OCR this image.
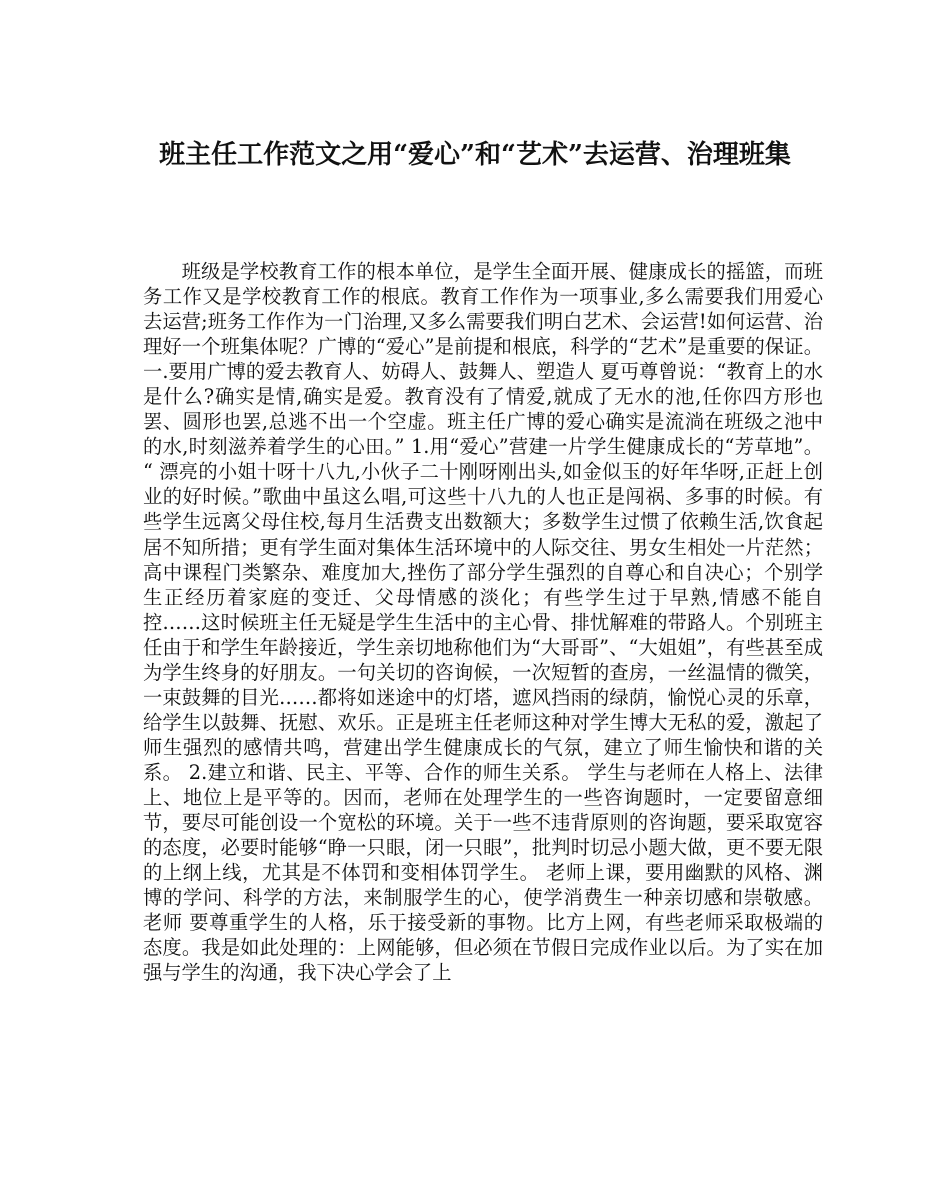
班主任工作范文之用“爱心”和“艺术”去运营、治理班集

班级是学校教育工作的根本单位，是学生全面开展、健康成长的摇篮，而班务工作又是学校教育工作的根底。教育工作作为一项事业,多么需要我们用爱心去运营;班务工作作为一门治理,又多么需要我们明白艺术、会运营!如何运营、治理好一个班集体呢？广博的“爱心”是前提和根底，科学的“艺术”是重要的保证。 一.要用广博的爱去教育人、妨碍人、鼓舞人、塑造人 夏丏尊曾说：“教育上的水是什么?确实是情,确实是爱。教育没有了情爱,就成了无水的池,任你四方形也罢、圆形也罢,总逃不出一个空虚。班主任广博的爱心确实是流淌在班级之池中的水,时刻滋养着学生的心田。” 1.用“爱心”营建一片学生健康成长的“芳草地”。 “ 漂亮的小姐十呀十八九,小伙子二十刚呀刚出头,如金似玉的好年华呀,正赶上创业的好时候。”歌曲中虽这么唱,可这些十八九的人也正是闯祸、多事的时候。有些学生远离父母住校,每月生活费支出数额大；多数学生过惯了依赖生活,饮食起居不知所措；更有学生面对集体生活环境中的人际交往、男女生相处一片茫然；高中课程门类繁杂、难度加大,挫伤了部分学生强烈的自尊心和自决心；个别学生正经历着家庭的变迁、父母情感的淡化；有些学生过于早熟,情感不能自控……这时候班主任无疑是学生生活中的主心骨、排忧解难的带路人。个别班主任由于和学生年龄接近，学生亲切地称他们为“大哥哥”、“大姐姐”，有些甚至成为学生终身的好朋友。一句关切的咨询候，一次短暂的查房，一丝温情的微笑，一束鼓舞的目光……都将如迷途中的灯塔，遮风挡雨的绿荫，愉悦心灵的乐章，给学生以鼓舞、抚慰、欢乐。正是班主任老师这种对学生博大无私的爱，激起了师生强烈的感情共鸣，营建出学生健康成长的气氛，建立了师生愉快和谐的关系。 2.建立和谐、民主、平等、合作的师生关系。 学生与老师在人格上、法律上、地位上是平等的。因而，老师在处理学生的一些咨询题时，一定要留意细节，要尽可能创设一个宽松的环境。关于一些不违背原则的咨询题，要采取宽容的态度，必要时能够“睁一只眼，闭一只眼”，批判时切忌小题大做，更不要无限的上纲上线，尤其是不体罚和变相体罚学生。 老师上课，要用幽默的风格、渊博的学问、科学的方法，来制服学生的心，使学消费生一种亲切感和崇敬感。 老师 要尊重学生的人格，乐于接受新的事物。比方上网，有些老师采取极端的态度。我是如此处理的：上网能够，但必须在节假日完成作业以后。为了实在加强与学生的沟通，我下决心学会了上
